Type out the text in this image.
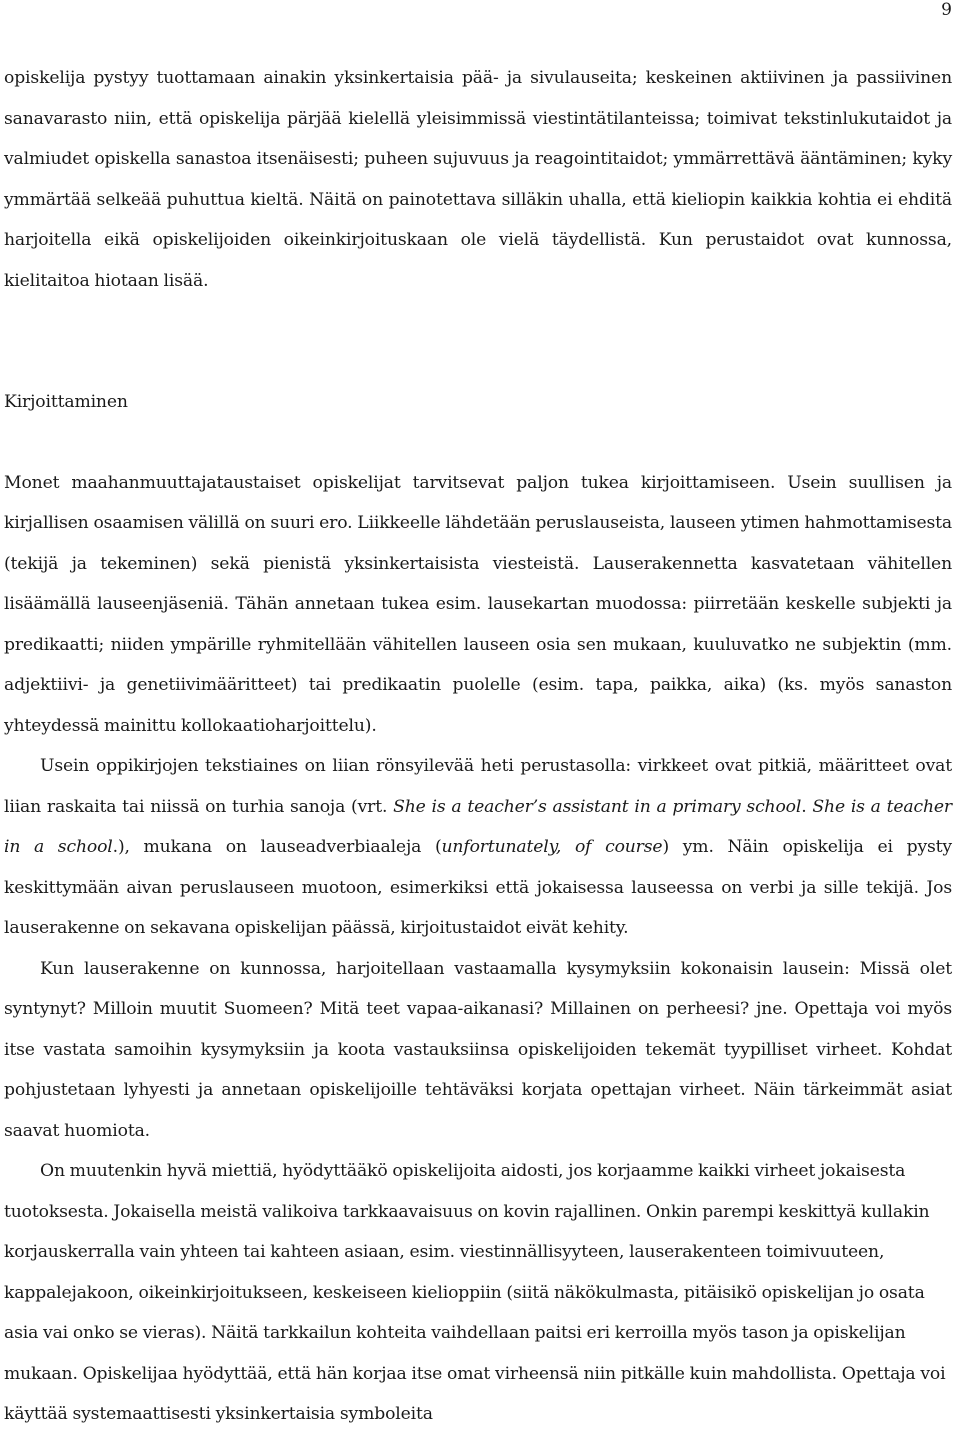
9

opiskelija pystyy tuottamaan ainakin yksinkertaisia pää- ja sivulauseita; keskeinen aktiivinen ja passiivinen sanavarasto niin, että opiskelija pärjää kielellä yleisimmissä viestintätilanteissa; toimivat tekstinlukutaidot ja valmiudet opiskella sanastoa itsenäisesti; puheen sujuvuus ja reagointitaidot; ymmärrettävä ääntäminen; kyky ymmärtää selkeää puhuttua kieltä. Näitä on painotettava silläkin uhalla, että kieliopin kaikkia kohtia ei ehditä harjoitella eikä opiskelijoiden oikeinkirjoituskaan ole vielä täydellistä. Kun perustaidot ovat kunnossa, kielitaitoa hiotaan lisää.

Kirjoittaminen

Monet maahanmuuttajataustaiset opiskelijat tarvitsevat paljon tukea kirjoittamiseen. Usein suullisen ja kirjallisen osaamisen välillä on suuri ero. Liikkeelle lähdetään peruslauseista, lauseen ytimen hahmottamisesta (tekijä ja tekeminen) sekä pienistä yksinkertaisista viesteistä. Lauserakennetta kasvatetaan vähitellen lisäämällä lauseenjäseniä. Tähän annetaan tukea esim. lausekartan muodossa: piirretään keskelle subjekti ja predikaatti; niiden ympärille ryhmitellään vähitellen lauseen osia sen mukaan, kuuluvatko ne subjektin (mm. adjektiivi- ja genetiivimääritteet) tai predikaatin puolelle (esim. tapa, paikka, aika) (ks. myös sanaston yhteydessä mainittu kollokaatioharjoittelu).

Usein oppikirjojen tekstiaines on liian rönsyilevää heti perustasolla: virkkeet ovat pitkiä, määritteet ovat liian raskaita tai niissä on turhia sanoja (vrt. She is a teacher’s assistant in a primary school. She is a teacher in a school.), mukana on lauseadverbiaaleja (unfortunately, of course) ym. Näin opiskelija ei pysty keskittymään aivan peruslauseen muotoon, esimerkiksi että jokaisessa lauseessa on verbi ja sille tekijä. Jos lauserakenne on sekavana opiskelijan päässä, kirjoitustaidot eivät kehity.

Kun lauserakenne on kunnossa, harjoitellaan vastaamalla kysymyksiin kokonaisin lausein: Missä olet syntynyt? Milloin muutit Suomeen? Mitä teet vapaa-aikanasi? Millainen on perheesi? jne. Opettaja voi myös itse vastata samoihin kysymyksiin ja koota vastauksiinsa opiskelijoiden tekemät tyypilliset virheet. Kohdat pohjustetaan lyhyesti ja annetaan opiskelijoille tehtäväksi korjata opettajan virheet. Näin tärkeimmät asiat saavat huomiota.

On muutenkin hyvä miettiä, hyödyttääkö opiskelijoita aidosti, jos korjaamme kaikki virheet jokaisesta tuotoksesta. Jokaisella meistä valikoiva tarkkaavaisuus on kovin rajallinen. Onkin parempi keskittyä kullakin korjauskerralla vain yhteen tai kahteen asiaan, esim. viestinnällisyyteen, lauserakenteen toimivuuteen, kappalejakoon, oikeinkirjoitukseen, keskeiseen kielioppiin (siitä näkökulmasta, pitäisikö opiskelijan jo osata asia vai onko se vieras). Näitä tarkkailun kohteita vaihdellaan paitsi eri kerroilla myös tason ja opiskelijan mukaan. Opiskelijaa hyödyttää, että hän korjaa itse omat virheensä niin pitkälle kuin mahdollista. Opettaja voi käyttää systemaattisesti yksinkertaisia symboleita
